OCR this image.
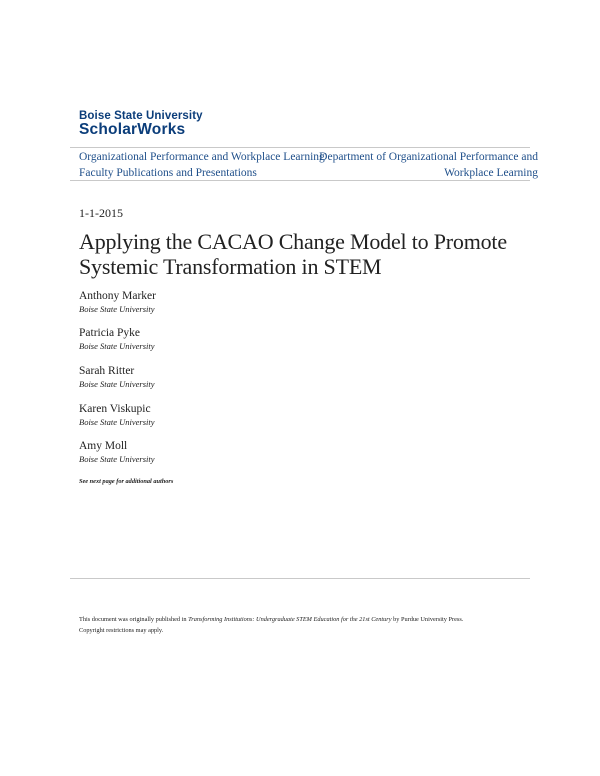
Boise State University
ScholarWorks
Organizational Performance and Workplace Learning Faculty Publications and Presentations
Department of Organizational Performance and Workplace Learning
1-1-2015
Applying the CACAO Change Model to Promote Systemic Transformation in STEM
Anthony Marker
Boise State University
Patricia Pyke
Boise State University
Sarah Ritter
Boise State University
Karen Viskupic
Boise State University
Amy Moll
Boise State University
See next page for additional authors
This document was originally published in Transforming Institutions: Undergraduate STEM Education for the 21st Century by Purdue University Press.
Copyright restrictions may apply.
